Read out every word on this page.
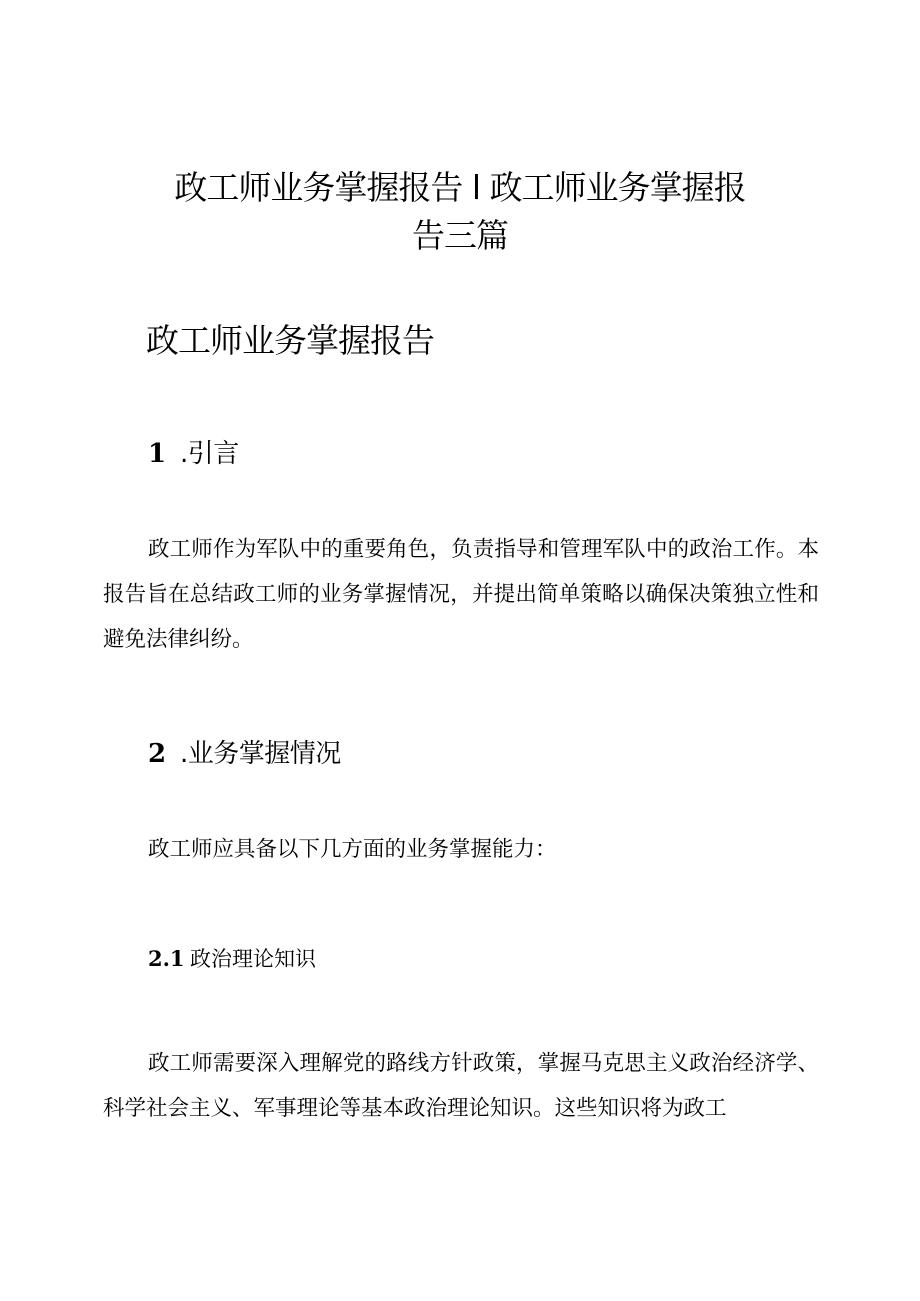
政工师业务掌握报告 l 政工师业务掌握报
告三篇
政工师业务掌握报告
1 .引言

政工师作为军队中的重要角色，负责指导和管理军队中的政治工作。本报告旨在总结政工师的业务掌握情况，并提出简单策略以确保决策独立性和避免法律纠纷。

2 .业务掌握情况

政工师应具备以下几方面的业务掌握能力：

2.1 政治理论知识

政工师需要深入理解党的路线方针政策，掌握马克思主义政治经济学、科学社会主义、军事理论等基本政治理论知识。这些知识将为政工
